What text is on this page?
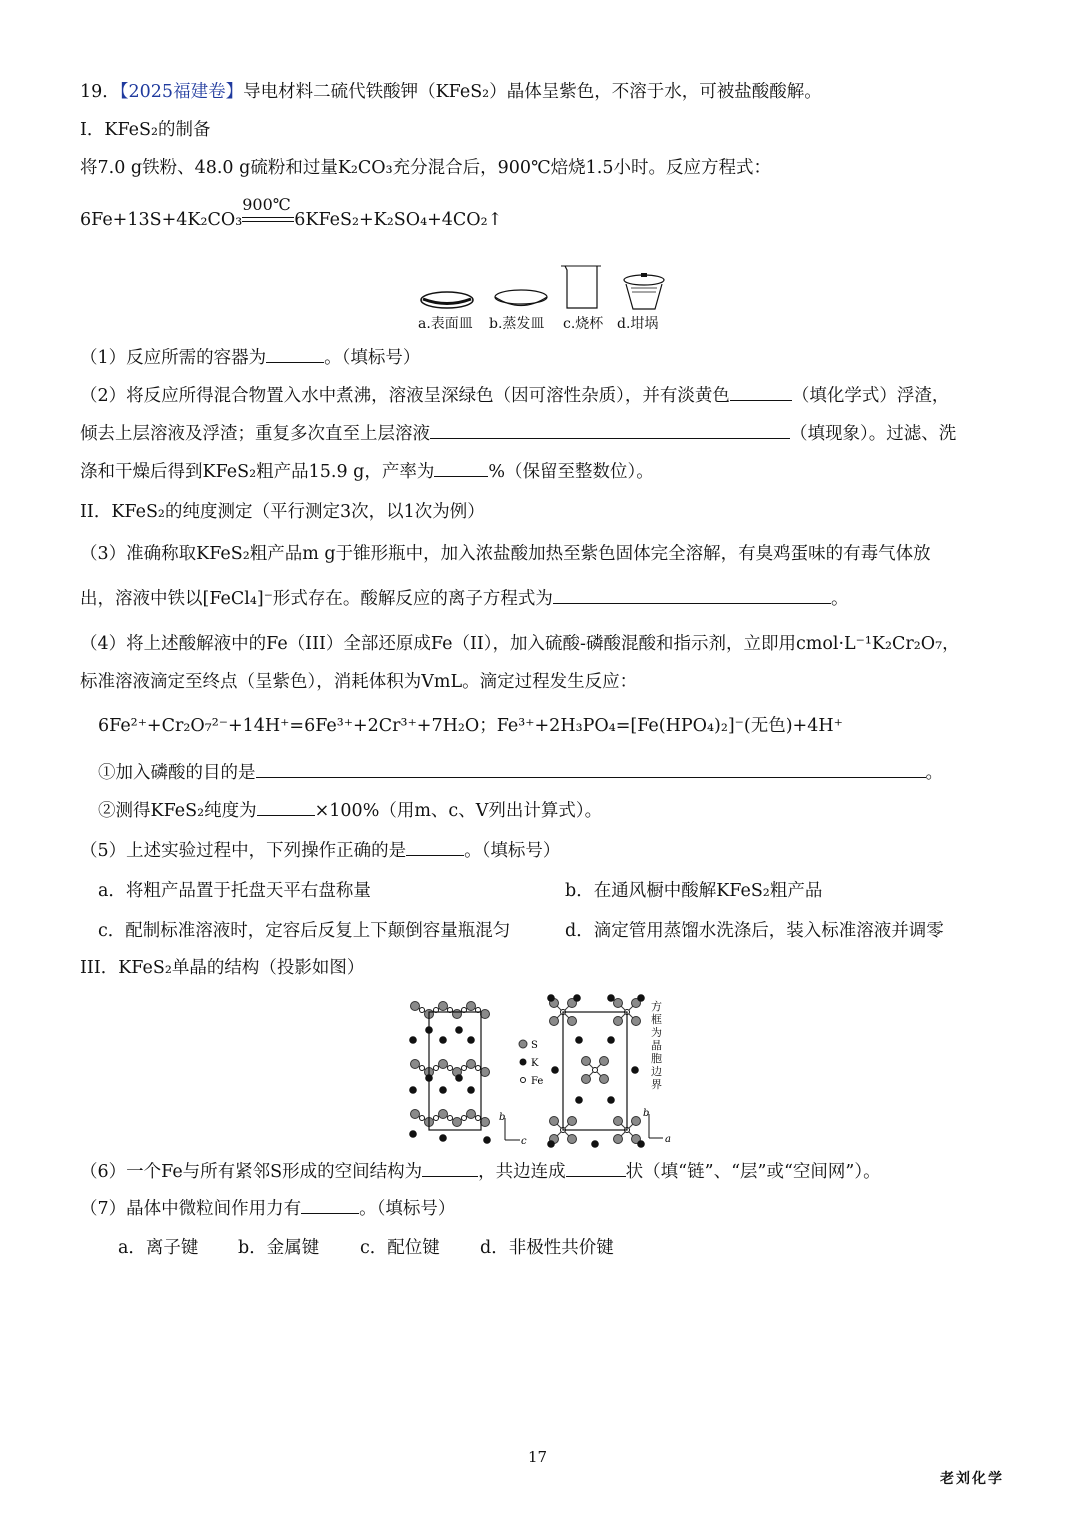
19．【2025福建卷】导电材料二硫代铁酸钾（KFeS₂）晶体呈紫色，不溶于水，可被盐酸酸解。
I．KFeS₂的制备
将7.0 g铁粉、48.0 g硫粉和过量K₂CO₃充分混合后，900℃焙烧1.5小时。反应方程式：
6Fe+13S+4K₂CO₃
900℃
6KFeS₂+K₂SO₄+4CO₂↑
a.表面皿 b.蒸发皿 c.烧杯 d.坩埚
（1）反应所需的容器为	。（填标号）
（2）将反应所得混合物置入水中煮沸，溶液呈深绿色（因可溶性杂质），并有淡黄色	（填化学式）浮渣，
倾去上层溶液及浮渣；重复多次直至上层溶液	（填现象）。过滤、洗
涤和干燥后得到KFeS₂粗产品15.9 g，产率为	%（保留至整数位）。
II．KFeS₂的纯度测定（平行测定3次，以1次为例）
（3）准确称取KFeS₂粗产品m g于锥形瓶中，加入浓盐酸加热至紫色固体完全溶解，有臭鸡蛋味的有毒气体放
出，溶液中铁以[FeCl₄]⁻形式存在。酸解反应的离子方程式为	。
（4）将上述酸解液中的Fe（III）全部还原成Fe（II），加入硫酸-磷酸混酸和指示剂，立即用cmol·L⁻¹K₂Cr₂O₇，
标准溶液滴定至终点（呈紫色），消耗体积为VmL。滴定过程发生反应：
6Fe²⁺+Cr₂O₇²⁻+14H⁺=6Fe³⁺+2Cr³⁺+7H₂O；Fe³⁺+2H₃PO₄=[Fe(HPO₄)₂]⁻(无色)+4H⁺
①加入磷酸的目的是	。
②测得KFeS₂纯度为	×100%（用m、c、V列出计算式）。
（5）上述实验过程中，下列操作正确的是	。（填标号）
a．将粗产品置于托盘天平右盘称量	b．在通风橱中酸解KFeS₂粗产品
c．配制标准溶液时，定容后反复上下颠倒容量瓶混匀	d．滴定管用蒸馏水洗涤后，装入标准溶液并调零
III．KFeS₂单晶的结构（投影如图）
S
K
Fe
b
c
b
a
方框为晶胞边界
（6）一个Fe与所有紧邻S形成的空间结构为	，共边连成	状（填“链”、“层”或“空间网”）。
（7）晶体中微粒间作用力有	。（填标号）
a．离子键 b．金属键 c．配位键 d．非极性共价键
17
老刘化学
